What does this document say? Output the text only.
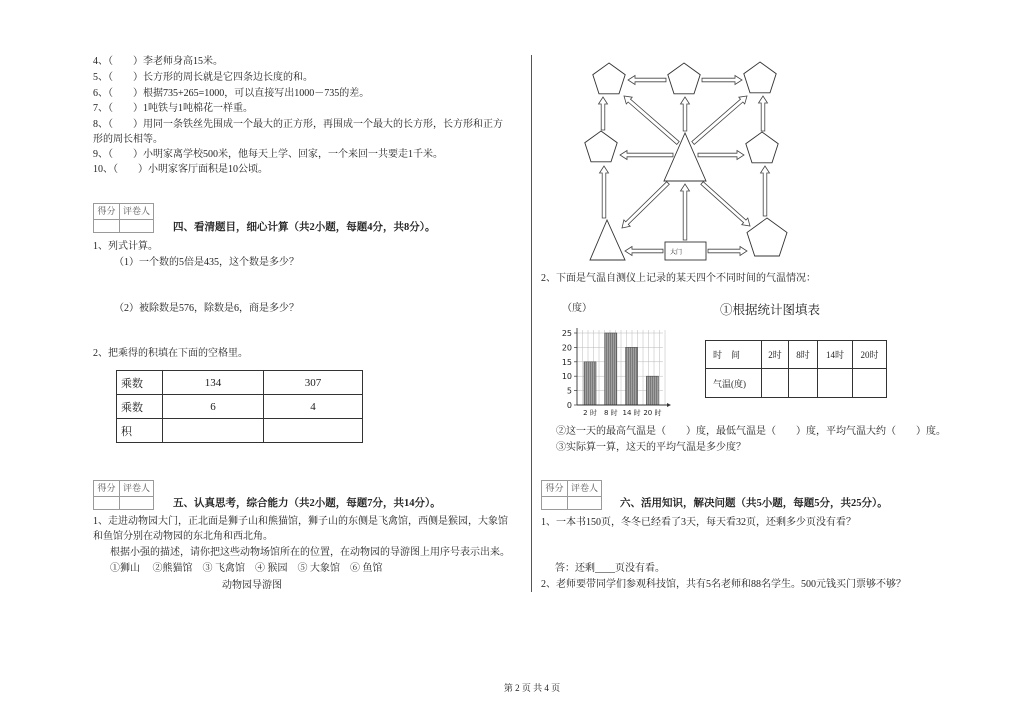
4、（　　）李老师身高15米。
5、（　　）长方形的周长就是它四条边长度的和。
6、（　　）根据735+265=1000，可以直接写出1000－735的差。
7、（　　）1吨铁与1吨棉花一样重。
8、（　　）用同一条铁丝先围成一个最大的正方形，再围成一个最大的长方形，长方形和正方
形的周长相等。
9、（　　）小明家离学校500米，他每天上学、回家，一个来回一共要走1千米。
10、（　　）小明家客厅面积是10公顷。
得分	评卷人

四、看清题目，细心计算（共2小题，每题4分，共8分）。
1、列式计算。
（1）一个数的5倍是435，这个数是多少？
（2）被除数是576，除数是6，商是多少？
2、把乘得的积填在下面的空格里。
乘数	134	307
乘数	6	4
积		
得分	评卷人

五、认真思考，综合能力（共2小题，每题7分，共14分）。
1、走进动物园大门，正北面是狮子山和熊猫馆，狮子山的东侧是飞禽馆，西侧是猴园，大象馆
和鱼馆分别在动物园的东北角和西北角。
根据小强的描述，请你把这些动物场馆所在的位置，在动物园的导游图上用序号表示出来。
①狮山　 ②熊猫馆　③ 飞禽馆　④ 猴园　⑤ 大象馆　⑥ 鱼馆
动物园导游图
大门
2、下面是气温自测仪上记录的某天四个不同时间的气温情况：
（度）	①根据统计图填表
2 时 8 时 14 时 20 时
0
5
10
15
20
25
时　间	2时	8时	14时	20时
气温(度)				
②这一天的最高气温是（　　）度，最低气温是（　　）度，平均气温大约（　　）度。
③实际算一算，这天的平均气温是多少度？
得分	评卷人

六、活用知识，解决问题（共5小题，每题5分，共25分）。
1、一本书150页，冬冬已经看了3天，每天看32页，还剩多少页没有看？
答：还剩____页没有看。
2、老师要带同学们参观科技馆，共有5名老师和88名学生。500元钱买门票够不够？
第 2 页 共 4 页
